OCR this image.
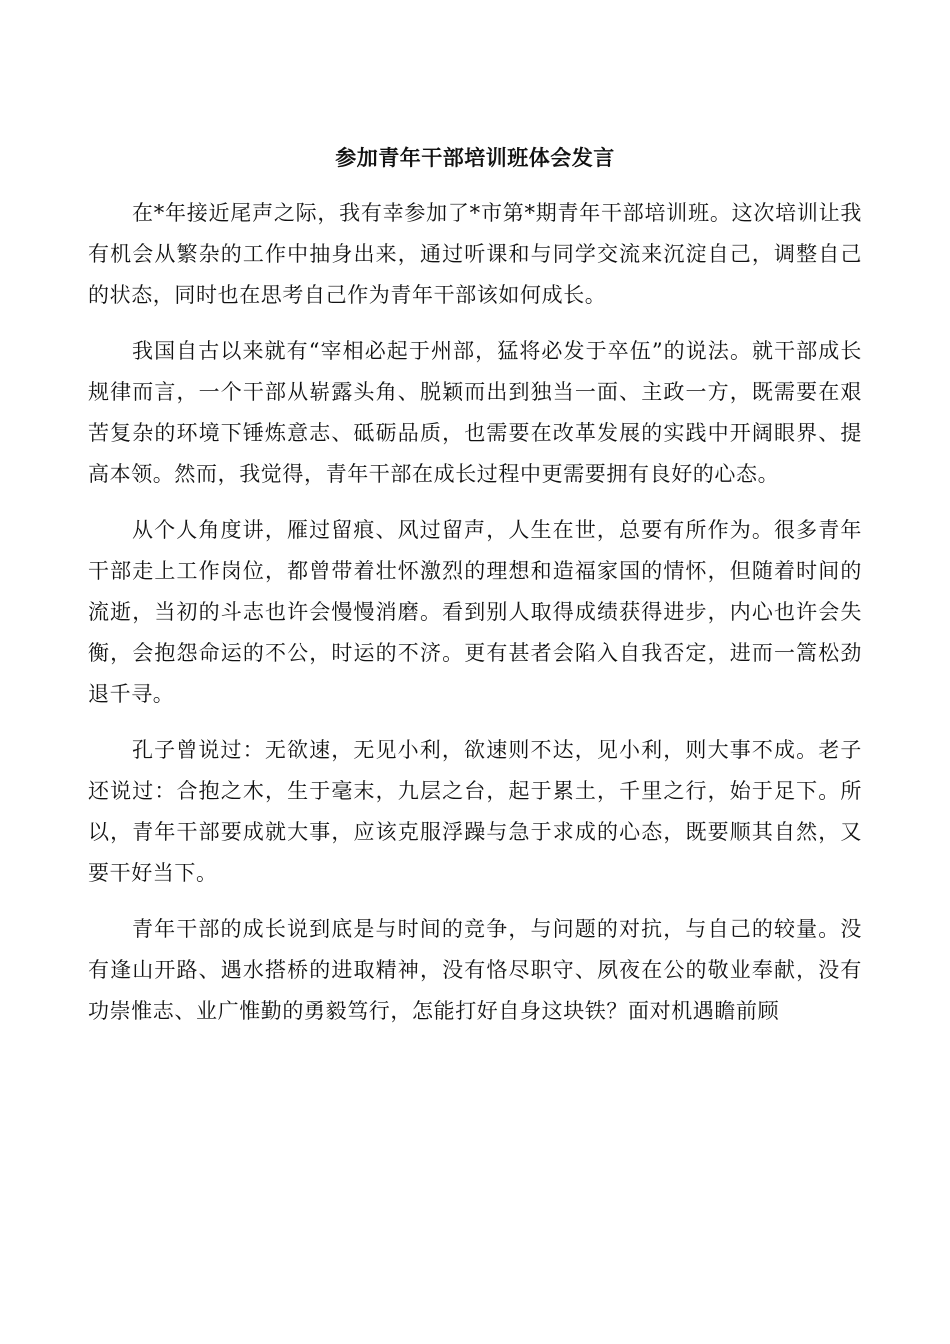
参加青年干部培训班体会发言

在*年接近尾声之际，我有幸参加了*市第*期青年干部培训班。这次培训让我有机会从繁杂的工作中抽身出来，通过听课和与同学交流来沉淀自己，调整自己的状态，同时也在思考自己作为青年干部该如何成长。

我国自古以来就有“宰相必起于州部，猛将必发于卒伍”的说法。就干部成长规律而言，一个干部从崭露头角、脱颖而出到独当一面、主政一方，既需要在艰苦复杂的环境下锤炼意志、砥砺品质，也需要在改革发展的实践中开阔眼界、提高本领。然而，我觉得，青年干部在成长过程中更需要拥有良好的心态。

从个人角度讲，雁过留痕、风过留声，人生在世，总要有所作为。很多青年干部走上工作岗位，都曾带着壮怀激烈的理想和造福家国的情怀，但随着时间的流逝，当初的斗志也许会慢慢消磨。看到别人取得成绩获得进步，内心也许会失衡，会抱怨命运的不公，时运的不济。更有甚者会陷入自我否定，进而一篙松劲退千寻。

孔子曾说过：无欲速，无见小利，欲速则不达，见小利，则大事不成。老子还说过：合抱之木，生于毫末，九层之台，起于累土，千里之行，始于足下。所以，青年干部要成就大事，应该克服浮躁与急于求成的心态，既要顺其自然，又要干好当下。

青年干部的成长说到底是与时间的竞争，与问题的对抗，与自己的较量。没有逢山开路、遇水搭桥的进取精神，没有恪尽职守、夙夜在公的敬业奉献，没有功崇惟志、业广惟勤的勇毅笃行，怎能打好自身这块铁？面对机遇瞻前顾
